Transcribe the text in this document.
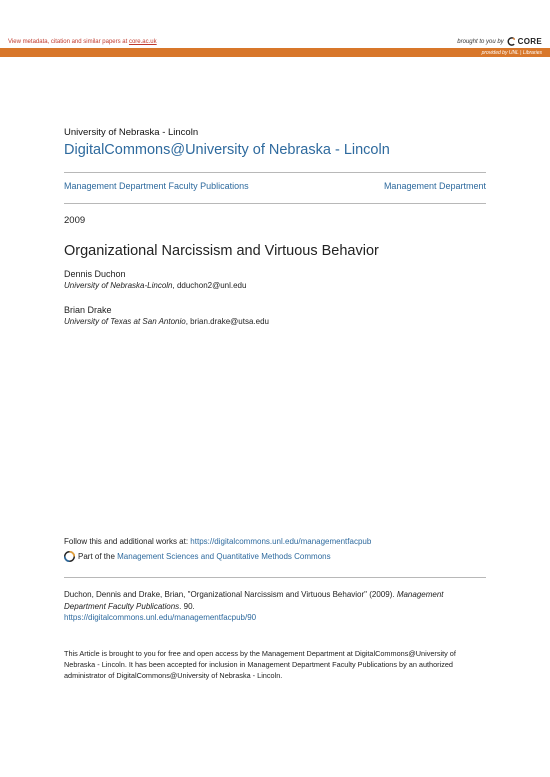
View metadata, citation and similar papers at core.ac.uk	brought to you by CORE
provided by UNL | Libraries
University of Nebraska - Lincoln
DigitalCommons@University of Nebraska - Lincoln
Management Department Faculty Publications	Management Department
2009
Organizational Narcissism and Virtuous Behavior
Dennis Duchon
University of Nebraska-Lincoln, dduchon2@unl.edu
Brian Drake
University of Texas at San Antonio, brian.drake@utsa.edu
Follow this and additional works at: https://digitalcommons.unl.edu/managementfacpub
Part of the Management Sciences and Quantitative Methods Commons
Duchon, Dennis and Drake, Brian, "Organizational Narcissism and Virtuous Behavior" (2009). Management Department Faculty Publications. 90.
https://digitalcommons.unl.edu/managementfacpub/90
This Article is brought to you for free and open access by the Management Department at DigitalCommons@University of Nebraska - Lincoln. It has been accepted for inclusion in Management Department Faculty Publications by an authorized administrator of DigitalCommons@University of Nebraska - Lincoln.
